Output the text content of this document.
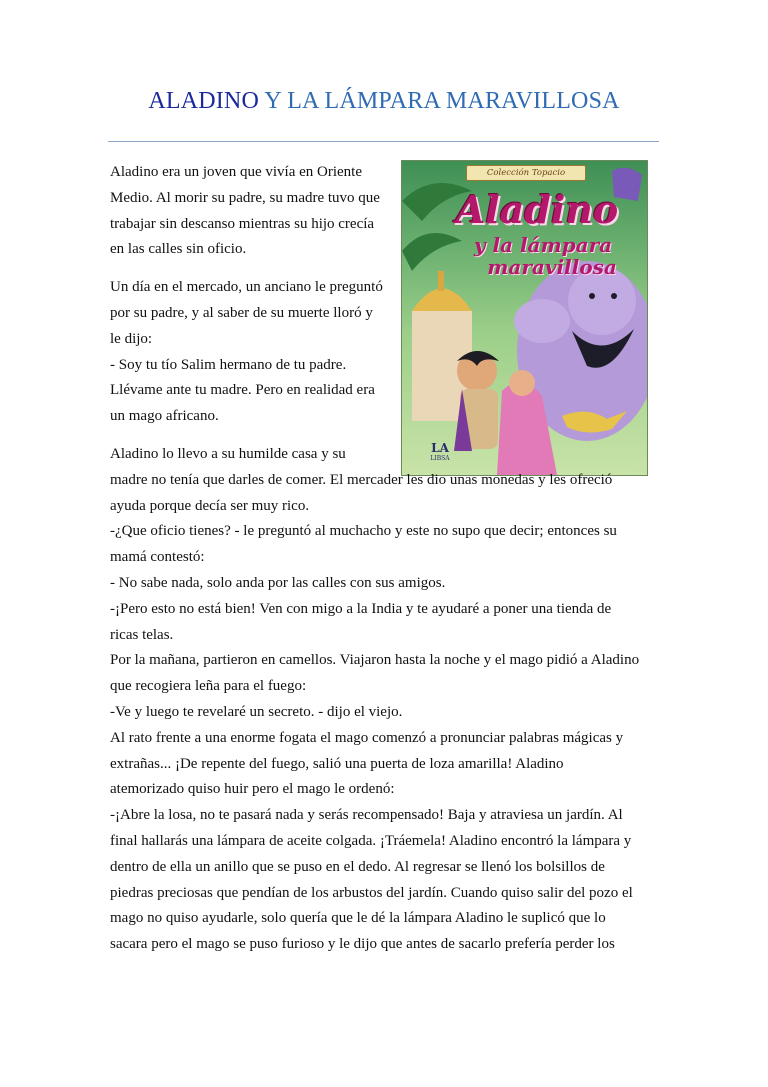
ALADINO Y LA LÁMPARA MARAVILLOSA
Colección Topacio
Aladino
y la lámpara
maravillosa
LA
LIBSA
Aladino era un joven que vivía en Oriente
Medio. Al morir su padre, su madre tuvo que
trabajar sin descanso mientras su hijo crecía
en las calles sin oficio.
Un día en el mercado, un anciano le preguntó
por su padre, y al saber de su muerte lloró y
le dijo:
- Soy tu tío Salim hermano de tu padre.
Llévame ante tu madre. Pero en realidad era
un mago africano.
Aladino lo llevo a su humilde casa y su
madre no tenía que darles de comer. El mercader les dio unas monedas y les ofreció
ayuda porque decía ser muy rico.
-¿Que oficio tienes? - le preguntó al muchacho y este no supo que decir; entonces su
mamá contestó:
- No sabe nada, solo anda por las calles con sus amigos.
-¡Pero esto no está bien! Ven con migo a la India y te ayudaré a poner una tienda de
ricas telas.
Por la mañana, partieron en camellos. Viajaron hasta la noche y el mago pidió a Aladino
que recogiera leña para el fuego:
-Ve y luego te revelaré un secreto. - dijo el viejo.
Al rato frente a una enorme fogata el mago comenzó a pronunciar palabras mágicas y
extrañas... ¡De repente del fuego, salió una puerta de loza amarilla! Aladino
atemorizado quiso huir pero el mago le ordenó:
-¡Abre la losa, no te pasará nada y serás recompensado! Baja y atraviesa un jardín. Al
final hallarás una lámpara de aceite colgada. ¡Tráemela! Aladino encontró la lámpara y
dentro de ella un anillo que se puso en el dedo. Al regresar se llenó los bolsillos de
piedras preciosas que pendían de los arbustos del jardín. Cuando quiso salir del pozo el
mago no quiso ayudarle, solo quería que le dé la lámpara Aladino le suplicó que lo
sacara pero el mago se puso furioso y le dijo que antes de sacarlo prefería perder los
